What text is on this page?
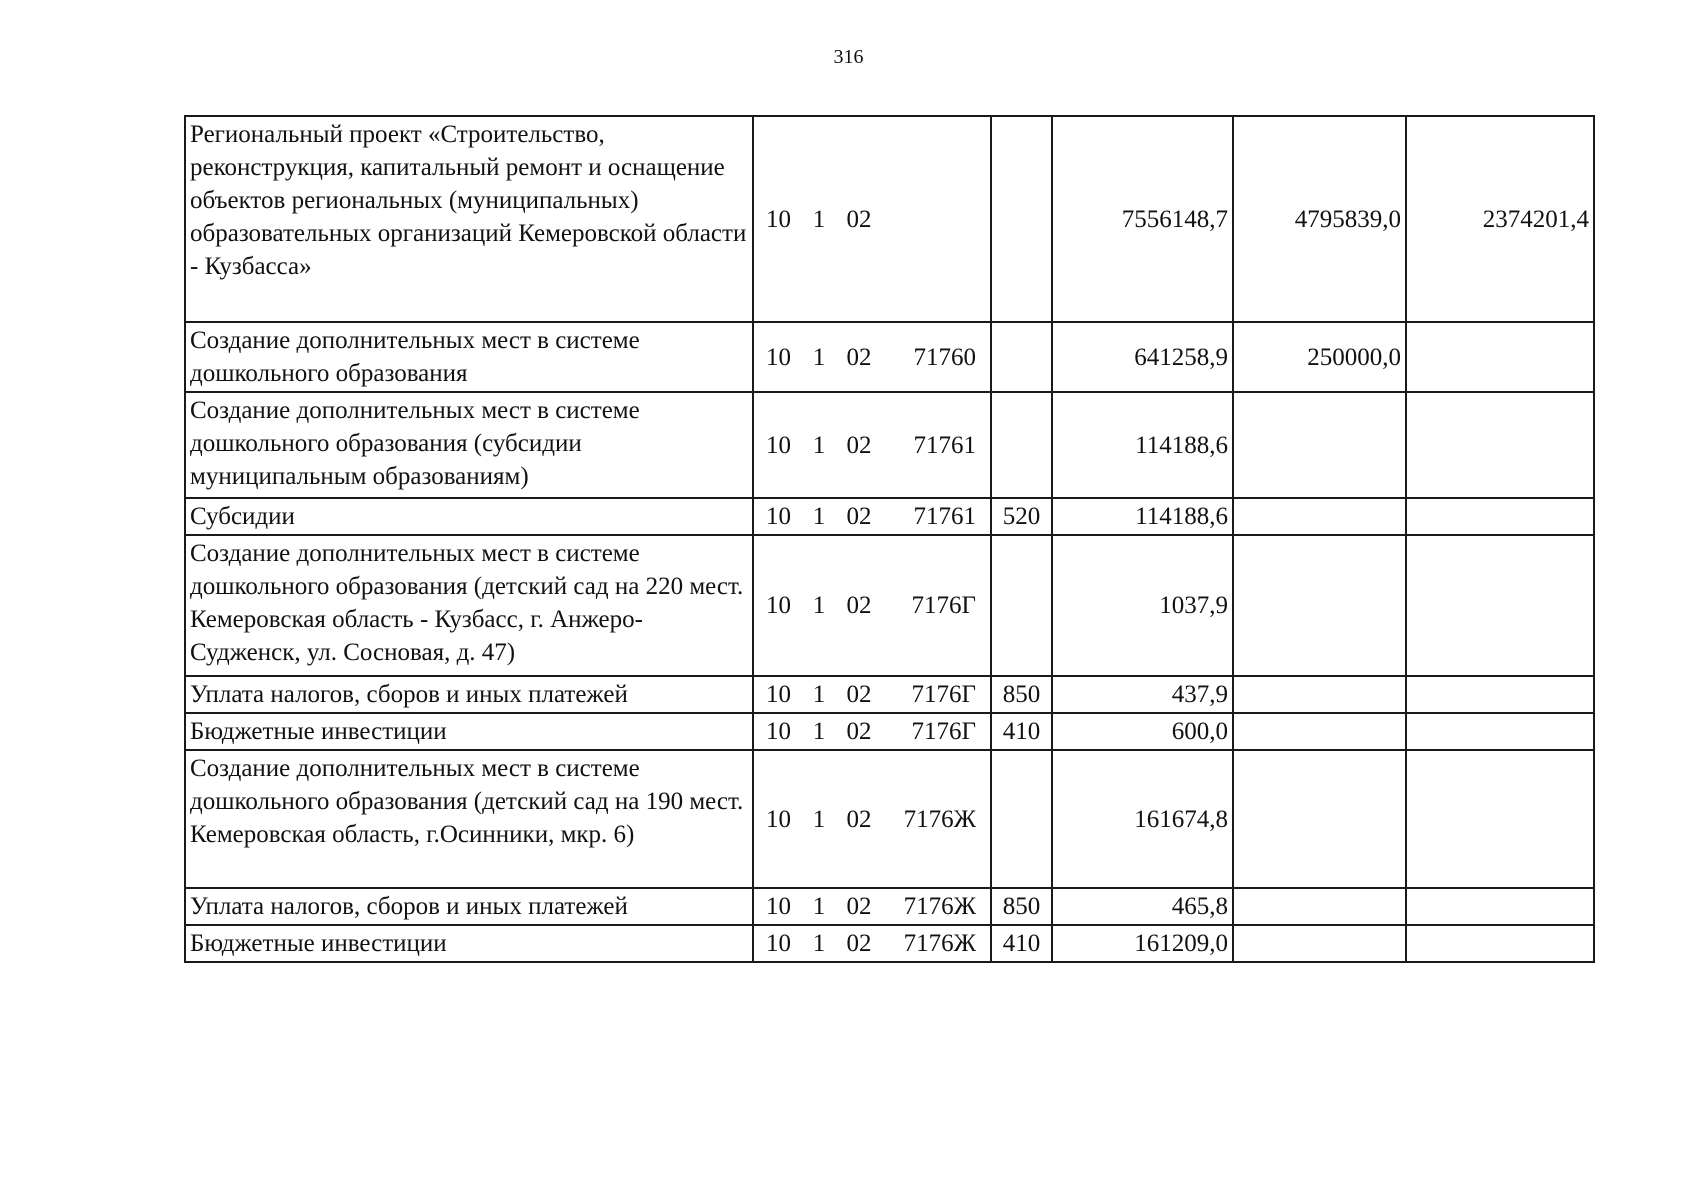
316
Региональный проект «Строительство, реконструкция, капитальный ремонт и оснащение объектов региональных (муниципальных) образовательных организаций Кемеровской области - Кузбасса»	10 1 02		7556148,7	4795839,0	2374201,4
Создание дополнительных мест в системе дошкольного образования	10 1 02 71760		641258,9	250000,0	
Создание дополнительных мест в системе дошкольного образования (субсидии муниципальным образованиям)	10 1 02 71761		114188,6		
Субсидии	10 1 02 71761	520	114188,6		
Создание дополнительных мест в системе дошкольного образования (детский сад на 220 мест. Кемеровская область - Кузбасс, г. Анжеро-Судженск, ул. Сосновая, д. 47)	10 1 02 7176Г		1037,9		
Уплата налогов, сборов и иных платежей	10 1 02 7176Г	850	437,9		
Бюджетные инвестиции	10 1 02 7176Г	410	600,0		
Создание дополнительных мест в системе дошкольного образования (детский сад на 190 мест. Кемеровская область, г.Осинники, мкр. 6)	10 1 02 7176Ж		161674,8		
Уплата налогов, сборов и иных платежей	10 1 02 7176Ж	850	465,8		
Бюджетные инвестиции	10 1 02 7176Ж	410	161209,0		
